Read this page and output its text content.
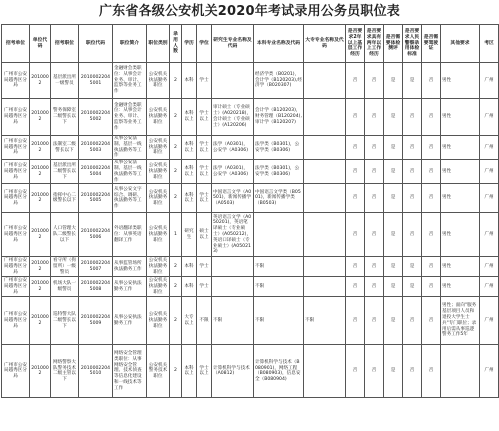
广东省各级公安机关2020年考试录用公务员职位表
招考单位	单位代码	招考职位	职位代码	职位简介	职位类别	录用人数	学历	学位	研究生专业名称及代码	本科专业名称及代码	大专专业名称及代码	是否要求2年以上基层工作经历	是否要求具有两年以上工作经历	是否需要体检测评	是否要求人民警察录用体检标准	是否需要驾驶证	其他要求	考区
广州市公安局越秀区分局	2010002	基层派出所一级警员	20100022045001	金融财会类职位：从事会计业务、审计、监察等业务工作	公安机关执法勤务职位	2	本科	学士		经济学类（B0201)，会计学（B120203),经济学（B020307)		否	否	是	是	否	男性	广州
广州市公安局越秀区分局	2010002	警务保障室二级警长以下	20100022045002	金融财会类职位：从事会计业务、审计、监察等业务工作	公安机关执法勤务职位	2	本科以上	学士以上	审计硕士（专业硕士）(A020218)，会计硕士（专业硕士）(A120206)	会计学（B120203)，财务管理（B120204),审计学（B120207)		否	否	是	否	否	男性	广州
广州市公安局越秀区分局	2010002	法制室二级警长以下	20100022045003	从事公安法制、基层一线执法勤务等工作	公安机关执法勤务职位	2	本科以上	学士以上	法学（A0301)，公安学（A0306)	法学类（B0301)，公安学类（B0306)		否	否	是	否	否	男性	广州
广州市公安局越秀区分局	2010002	基层派出所二级警长以下	20100022045004	从事公安法制、基层一线执法勤务等工作	公安机关执法勤务职位	2	本科以上	学士以上	法学（A0301)，公安学（A0306)	法学类（B0301)，公安学类（B0306)		否	否	是	否	否	男性	广州
广州市公安局越秀区分局	2010002	指挥中心二级警长以下	20100022045005	从事公安文字综合、调研、执法勤务等工作	公安机关执法勤务职位	2	本科以上	学士以上	中国语言文学（A0501)，新闻传播学（A0503)	中国语言文学类（B0501)，新闻传播学类（B0503)		否	否	是	否	否	男性	广州
广州市公安局越秀区分局	2010002	人口管理大队二级警长以下	20100022045006	外语翻译类职位：从事英语翻译工作	公安机关执法勤务职位	1	研究生	硕士以上	英语语言文学（A050201)，英语笔译硕士（专业硕士）(A050212)，英语口译硕士（专业硕士）(A050213)			否	否	是	否	否	男性	广州
广州市公安局越秀区分局	2010002	看守所（拘留所）一级警员	20100022045007	从事监管场所执法勤务工作	公安机关执法勤务职位	2	本科	学士		不限		否	否	是	是	否	男性	广州
广州市公安局越秀区分局	2010002	机场大队一级警员	20100022045008	从事公安执法勤务工作	公安机关执法勤务职位	2	本科	学士		不限		否	否	是	是	否	男性	广州
广州市公安局越秀区分局	2010002	巡特警大队二级警长以下	20100022045009	从事公安执法勤务工作	公安机关执法勤务职位	2	大专以上	不限	不限	不限	不限	否	否	是	否	否	男性；面向"服务基层项目人员和退役大学生士兵"专门职位；录用后需从事巡逻警务工作5年	广州
广州市公安局越秀区分局	2010002	网络警察大队警务技术二级主管以下	20100022045010	网络安全管理类职位：从事网络安全管理、技术侦查等信息化建设和一线技术等工作	公安机关警务技术职位	2	本科以上	学士以上	计算机科学与技术（A0812)	计算机科学与技术（B080901)，网络工程（B080903)，信息安全（B080904)		否	否	是	否	否		广州
